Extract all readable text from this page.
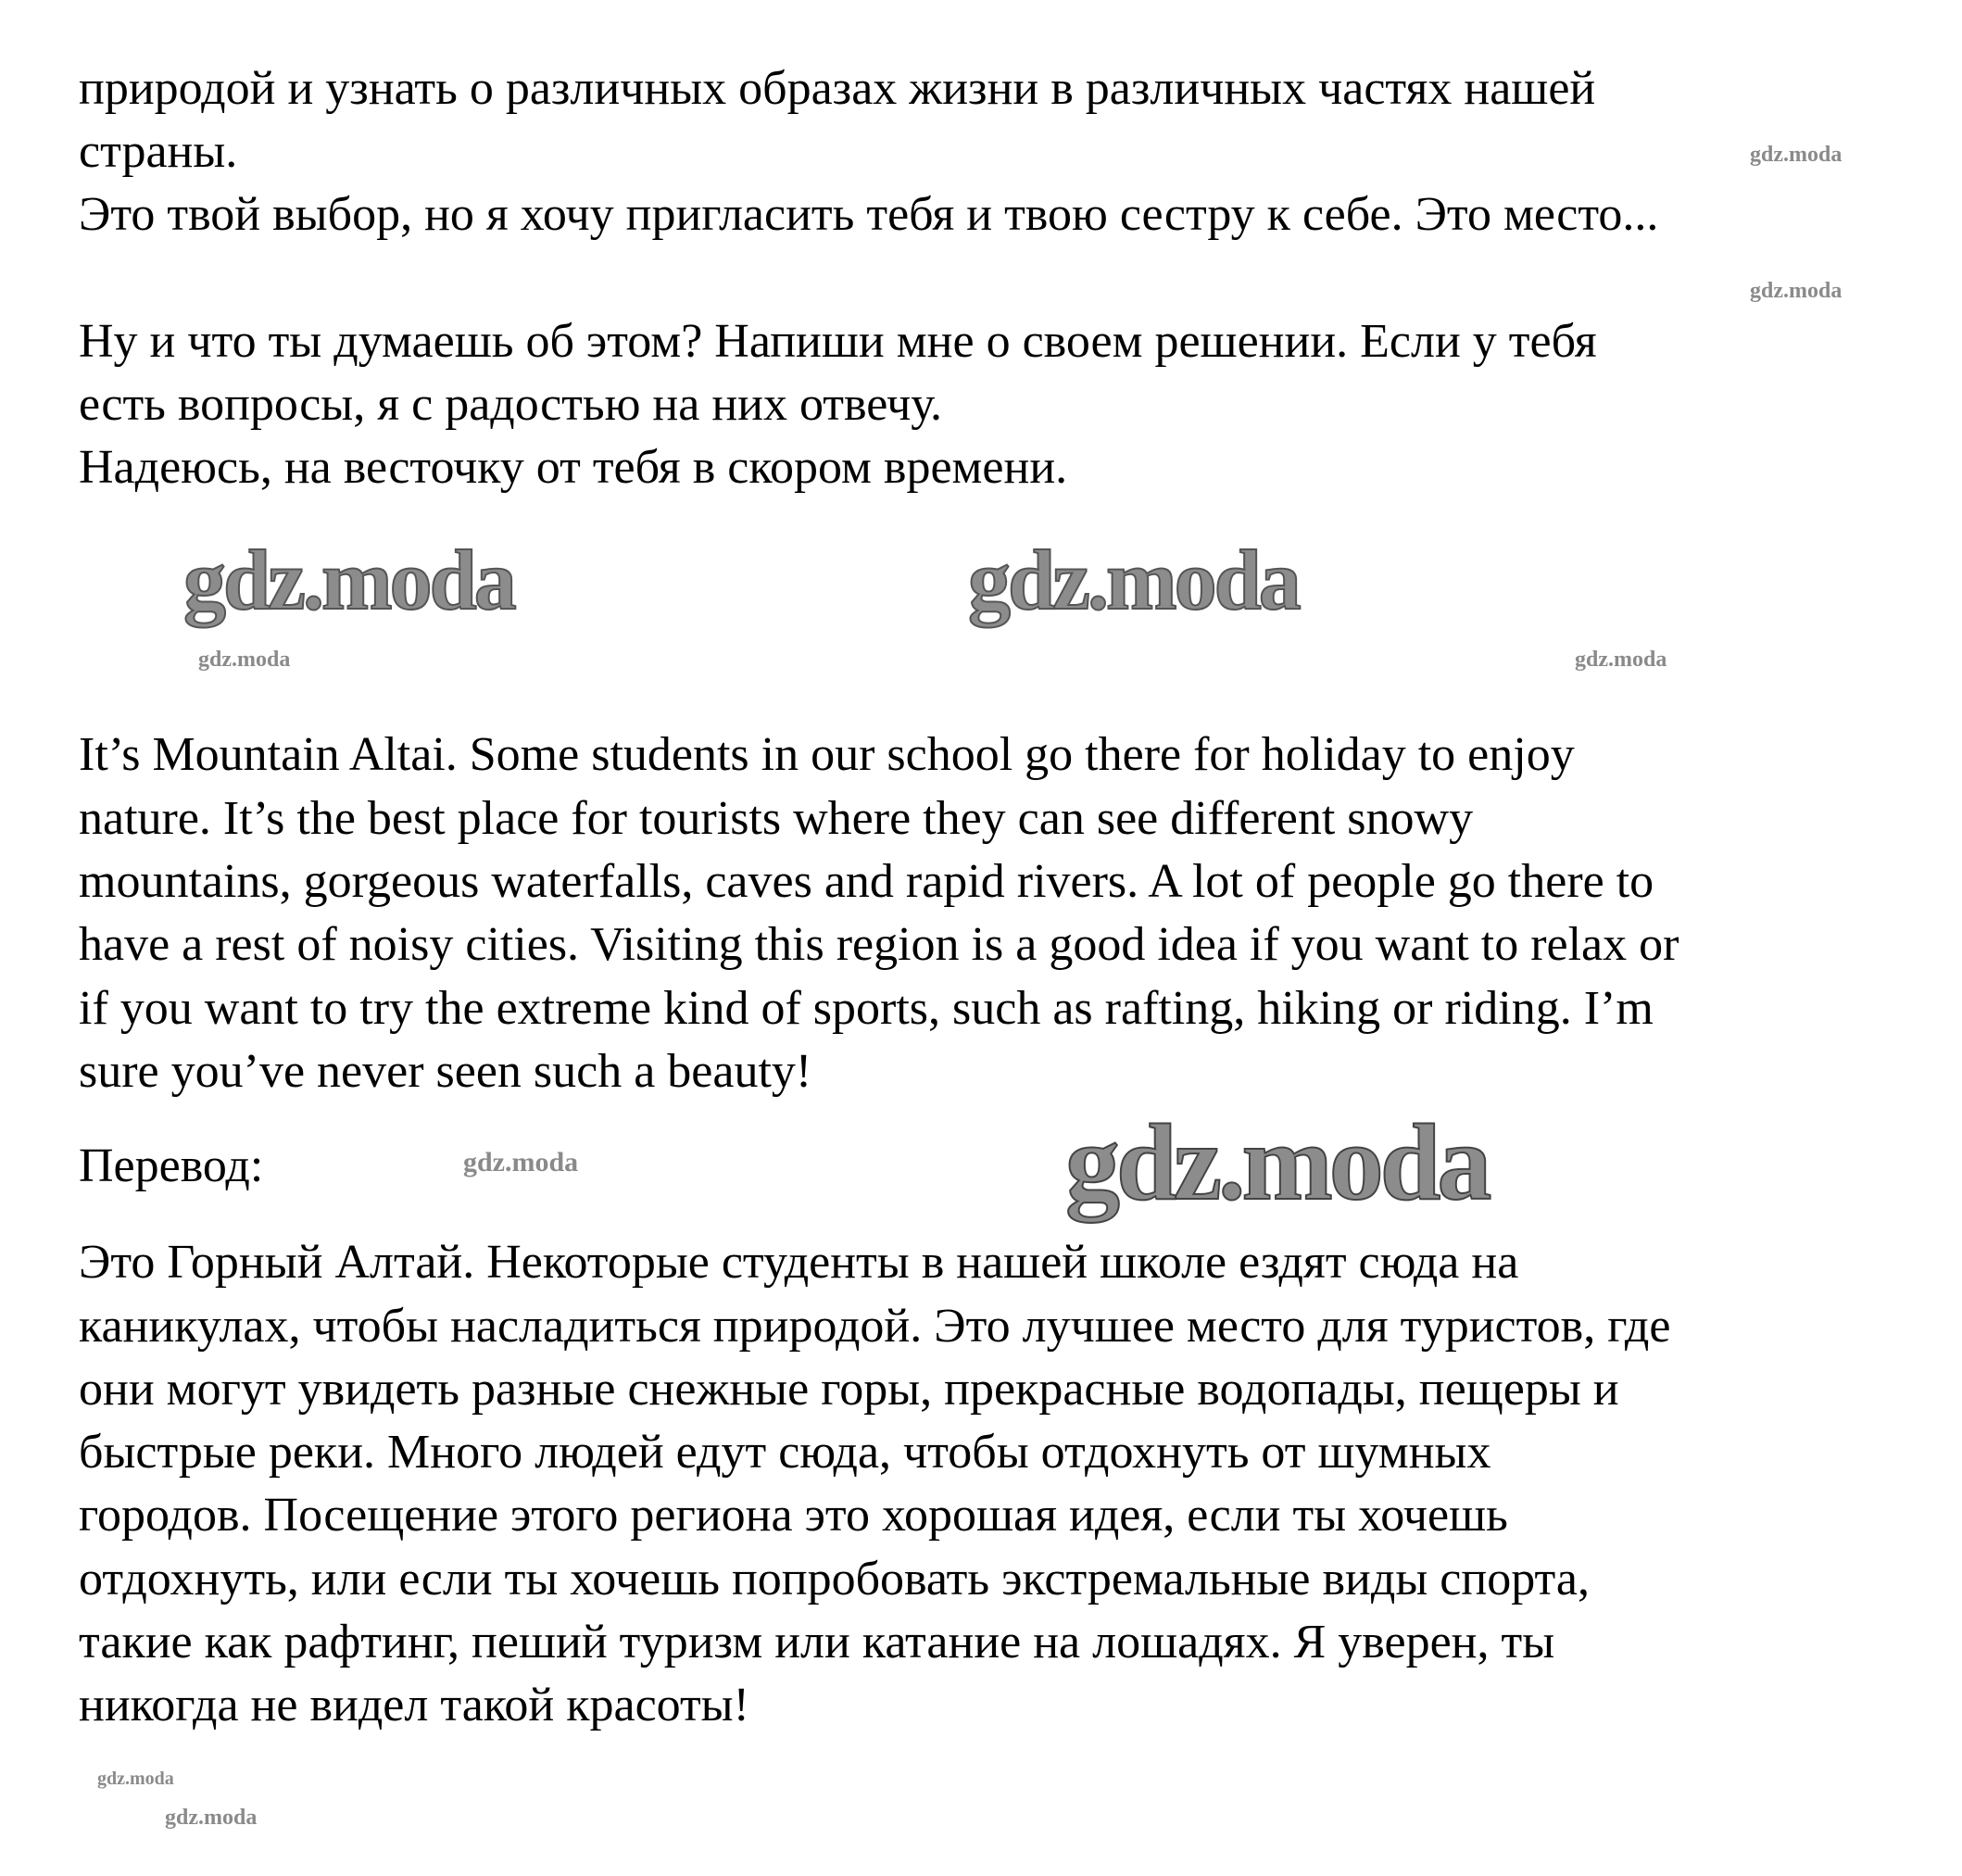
природой и узнать о различных образах жизни в различных частях нашей
страны.
Это твой выбор, но я хочу пригласить тебя и твою сестру к себе. Это место...
Ну и что ты думаешь об этом? Напиши мне о своем решении. Если у тебя
есть вопросы, я с радостью на них отвечу.
Надеюсь, на весточку от тебя в скором времени.
It’s Mountain Altai. Some students in our school go there for holiday to enjoy
nature. It’s the best place for tourists where they can see different snowy
mountains, gorgeous waterfalls, caves and rapid rivers. A lot of people go there to
have a rest of noisy cities. Visiting this region is a good idea if you want to relax or
if you want to try the extreme kind of sports, such as rafting, hiking or riding. I’m
sure you’ve never seen such a beauty!
Перевод:
Это Горный Алтай. Некоторые студенты в нашей школе ездят сюда на
каникулах, чтобы насладиться природой. Это лучшее место для туристов, где
они могут увидеть разные снежные горы, прекрасные водопады, пещеры и
быстрые реки. Много людей едут сюда, чтобы отдохнуть от шумных
городов. Посещение этого региона это хорошая идея, если ты хочешь
отдохнуть, или если ты хочешь попробовать экстремальные виды спорта,
такие как рафтинг, пеший туризм или катание на лошадях. Я уверен, ты
никогда не видел такой красоты!
gdz.moda	gdz.moda
gdz.moda
gdz.moda
gdz.moda
gdz.moda	gdz.moda
gdz.moda
gdz.moda
gdz.moda
